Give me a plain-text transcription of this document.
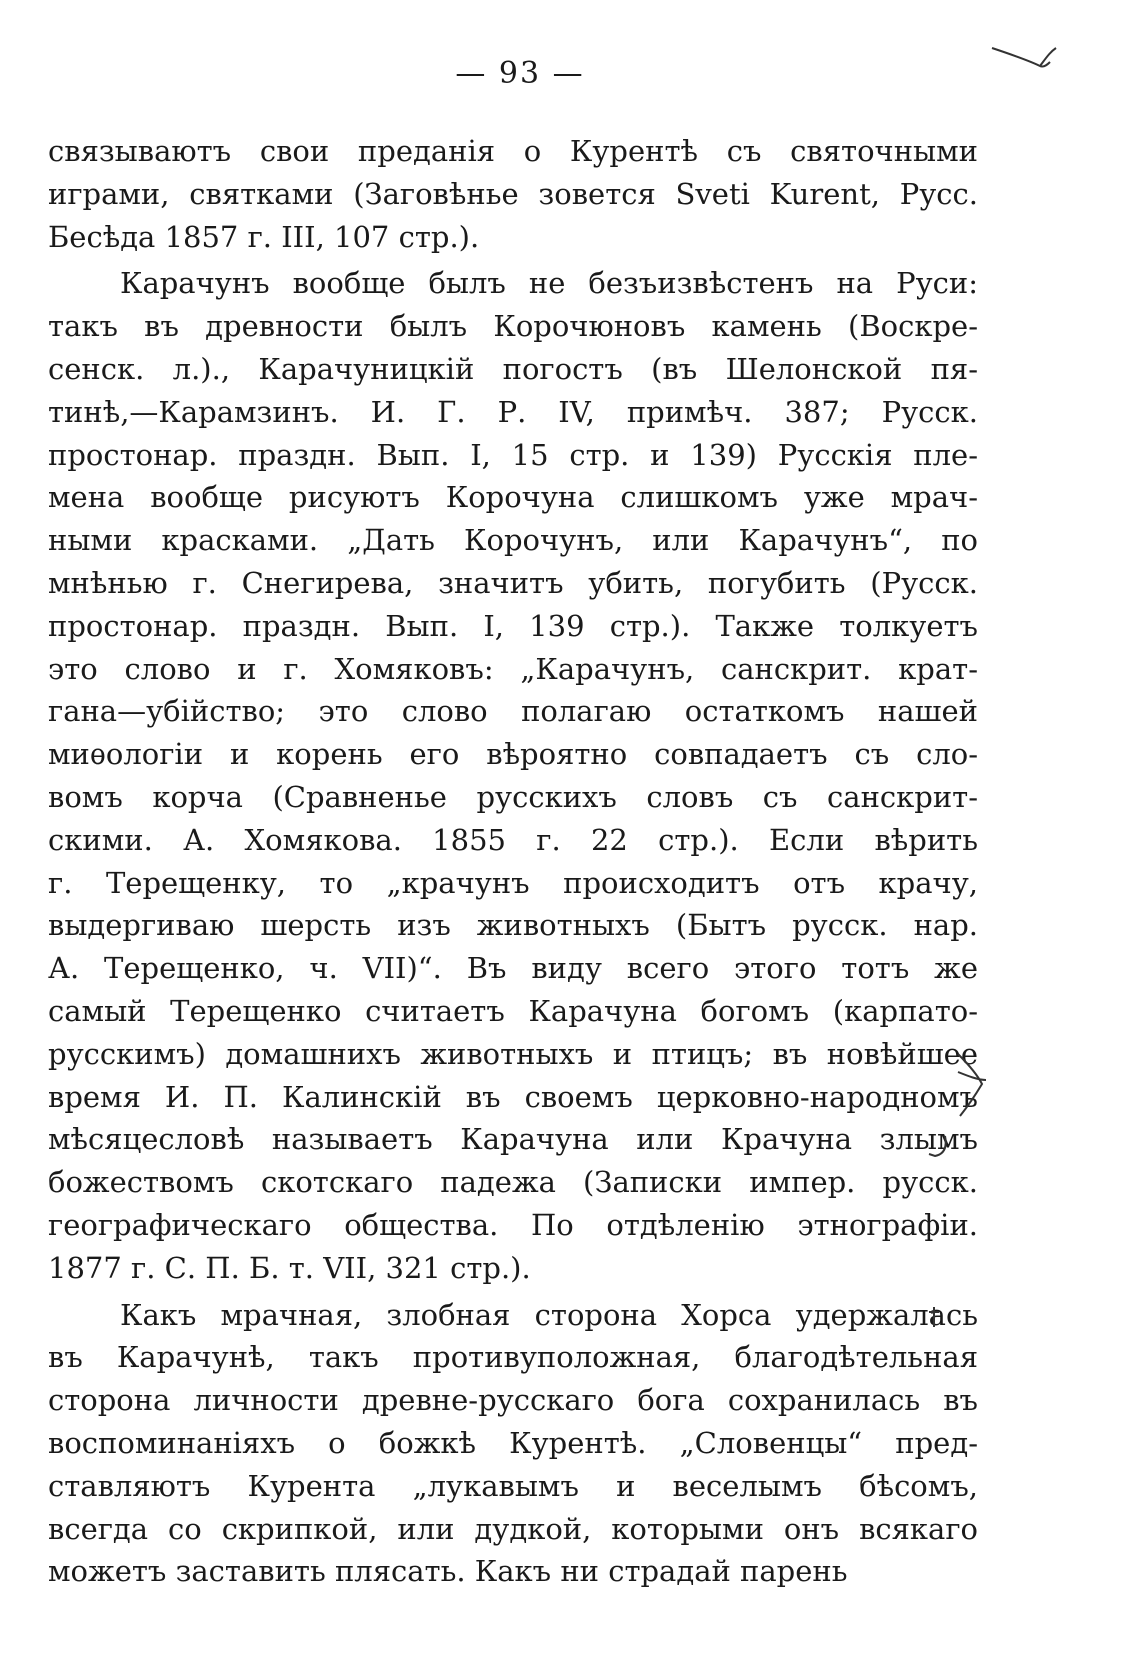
— 93 —
связываютъ свои преданія о Курентѣ съ святочными
играми, святками (Заговѣнье зовется Sveti Kurent, Русс.
Бесѣда 1857 г. III, 107 стр.).
Карачунъ вообще былъ не безъизвѣстенъ на Руси:
такъ въ древности былъ Корочюновъ камень (Воскре-
сенск. л.)., Карачуницкій погостъ (въ Шелонской пя-
тинѣ,—Карамзинъ. И. Г. Р. IV, примѣч. 387; Русск.
простонар. праздн. Вып. I, 15 стр. и 139) Русскія пле-
мена вообще рисуютъ Корочуна слишкомъ уже мрач-
ными красками. „Дать Корочунъ, или Карачунъ“, по
мнѣнью г. Снегирева, значитъ убить, погубить (Русск.
простонар. праздн. Вып. I, 139 стр.). Также толкуетъ
это слово и г. Хомяковъ: „Карачунъ, санскрит. крат-
гана—убійство; это слово полагаю остаткомъ нашей
миѳологіи и корень его вѣроятно совпадаетъ съ сло-
вомъ корча (Сравненье русскихъ словъ съ санскрит-
скими. А. Хомякова. 1855 г. 22 стр.). Если вѣрить
г. Терещенку, то „крачунъ происходитъ отъ крачу,
выдергиваю шерсть изъ животныхъ (Бытъ русск. нар.
А. Терещенко, ч. VII)“. Въ виду всего этого тотъ же
самый Терещенко считаетъ Карачуна богомъ (карпато-
русскимъ) домашнихъ животныхъ и птицъ; въ новѣйшее
время И. П. Калинскій въ своемъ церковно-народномъ
мѣсяцесловѣ называетъ Карачуна или Крачуна злымъ
божествомъ скотскаго падежа (Записки импер. русск.
географическаго общества. По отдѣленію этнографіи.
1877 г. С. П. Б. т. VII, 321 стр.).
Какъ мрачная, злобная сторона Хорса удержалась
въ Карачунѣ, такъ противуположная, благодѣтельная
сторона личности древне-русскаго бога сохранилась въ
воспоминаніяхъ о божкѣ Курентѣ. „Словенцы“ пред-
ставляютъ Курента „лукавымъ и веселымъ бѣсомъ,
всегда со скрипкой, или дудкой, которыми онъ всякаго
можетъ заставить плясать. Какъ ни страдай парень
